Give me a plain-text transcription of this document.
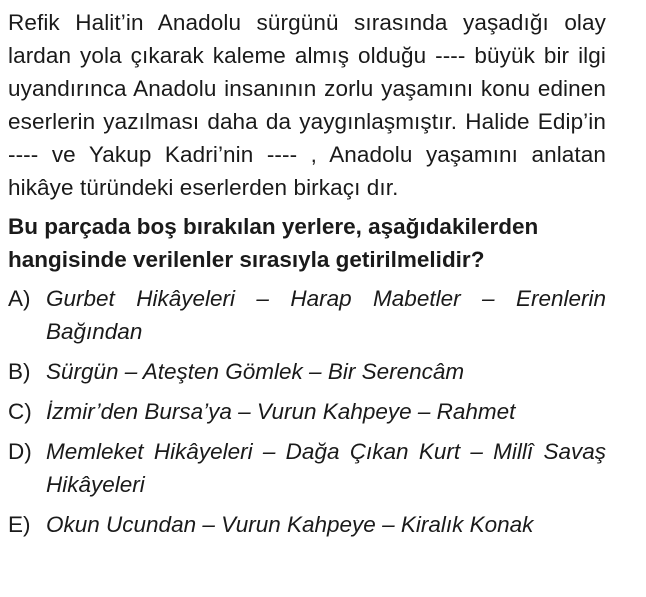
Refik Halit’in Anadolu sürgünü sırasında yaşadığı olay lardan yola çıkarak kaleme almış olduğu ---- büyük bir ilgi uyandırınca Anadolu insanının zorlu yaşamını konu edinen eserlerin yazılması daha da yaygınlaşmıştır. Halide Edip’in ---- ve Yakup Kadri’nin ---- , Anadolu yaşamını anlatan hikâye türündeki eserlerden birkaçı dır.
Bu parçada boş bırakılan yerlere, aşağıdakilerden hangisinde verilenler sırasıyla getirilmelidir?
A) Gurbet Hikâyeleri – Harap Mabetler – Erenlerin Bağından
B) Sürgün – Ateşten Gömlek – Bir Serencâm
C) İzmir’den Bursa’ya – Vurun Kahpeye – Rahmet
D) Memleket Hikâyeleri – Dağa Çıkan Kurt – Millî Savaş Hikâyeleri
E) Okun Ucundan – Vurun Kahpeye – Kiralık Konak
